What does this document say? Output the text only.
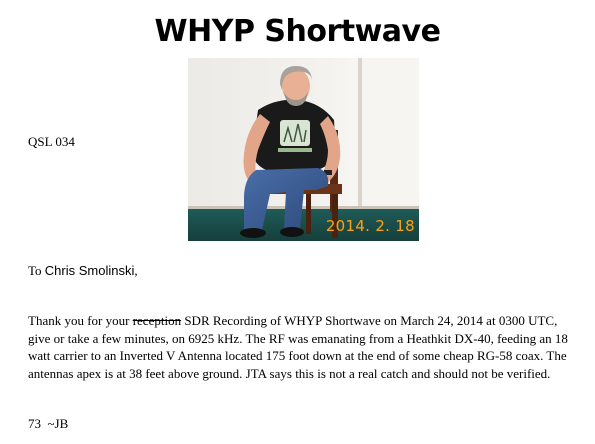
WHYP Shortwave
QSL 034
2014. 2. 18
To Chris Smolinski,
Thank you for your reception SDR Recording of WHYP Shortwave on March 24, 2014 at 0300 UTC, give or take a few minutes, on 6925 kHz. The RF was emanating from a Heathkit DX-40, feeding an 18 watt carrier to an Inverted V Antenna located 175 foot down at the end of some cheap RG-58 coax. The antennas apex is at 38 feet above ground. JTA says this is not a real catch and should not be verified.
73  ~JB
